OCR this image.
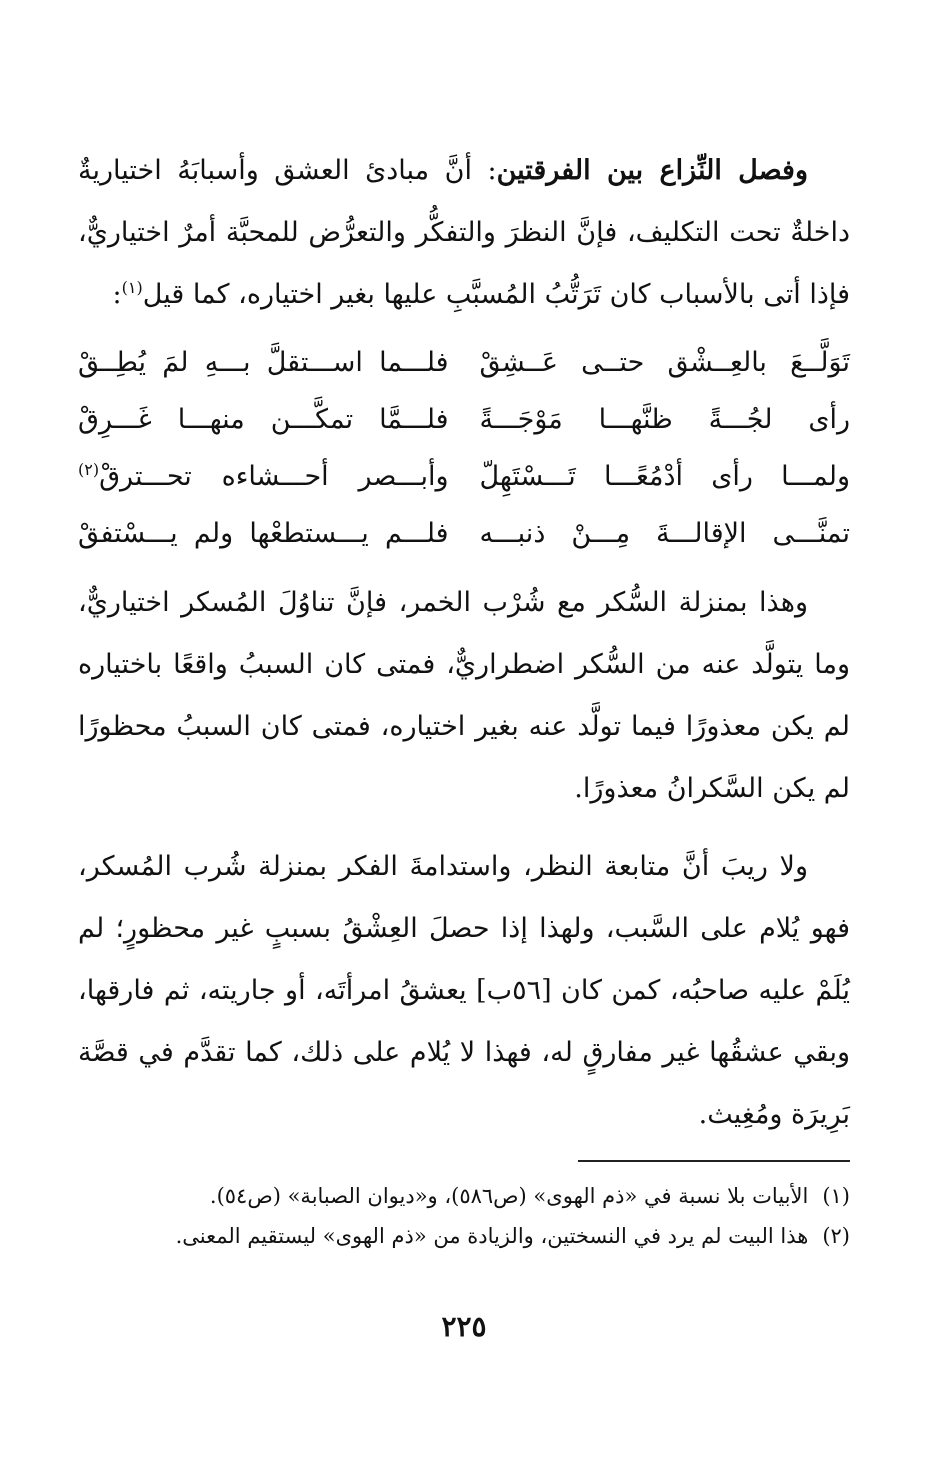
وفصل النِّزاع بين الفرقتين: أنَّ مبادئ العشق وأسبابَهُ اختياريةٌ داخلةٌ تحت التكليف، فإنَّ النظرَ والتفكُّر والتعرُّض للمحبَّة أمرٌ اختياريٌّ، فإذا أتى بالأسباب كان تَرَتُّبُ المُسبَّبِ عليها بغير اختياره، كما قيل$^{(١)}$:

تَوَلَّــعَ بالعِــشْق حتــى عَــشِقْ
فلـــما اســـتقلَّ بـــهِ لمَ يُطِــقْ
رأى لجُـــةً ظنَّهـــا مَوْجَـــةً
فلـــمَّا تمكَّـــن منهـــا غَـــرِقْ
ولمـــا رأى أدْمُعًـــا تَـــسْتَهِلّ
وأبـــصر أحـــشاءه تحـــترقْ$^{(٢)}$
تمنَّـــى الإقالـــةَ مِـــنْ ذنبـــه
فلـــم يـــستطعْها ولم يـــسْتفقْ

وهذا بمنزلة السُّكر مع شُرْب الخمر، فإنَّ تناوُلَ المُسكر اختياريٌّ، وما يتولَّد عنه من السُّكر اضطراريٌّ، فمتى كان السببُ واقعًا باختياره لم يكن معذورًا فيما تولَّد عنه بغير اختياره، فمتى كان السببُ محظورًا لم يكن السَّكرانُ معذورًا.

ولا ريبَ أنَّ متابعة النظر، واستدامةَ الفكر بمنزلة شُرب المُسكر، فهو يُلام على السَّبب، ولهذا إذا حصلَ العِشْقُ بسببٍ غير محظورٍ؛ لم يُلَمْ عليه صاحبُه، كمن كان [٥٦ب] يعشقُ امرأتَه، أو جاريته، ثم فارقها، وبقي عشقُها غير مفارقٍ له، فهذا لا يُلام على ذلك، كما تقدَّم في قصَّة بَرِيرَة ومُغِيث.

(١)
الأبيات بلا نسبة في «ذم الهوى» (ص٥٨٦)، و«ديوان الصبابة» (ص٥٤).
(٢)
هذا البيت لم يرد في النسختين، والزيادة من «ذم الهوى» ليستقيم المعنى.
٢٢٥
